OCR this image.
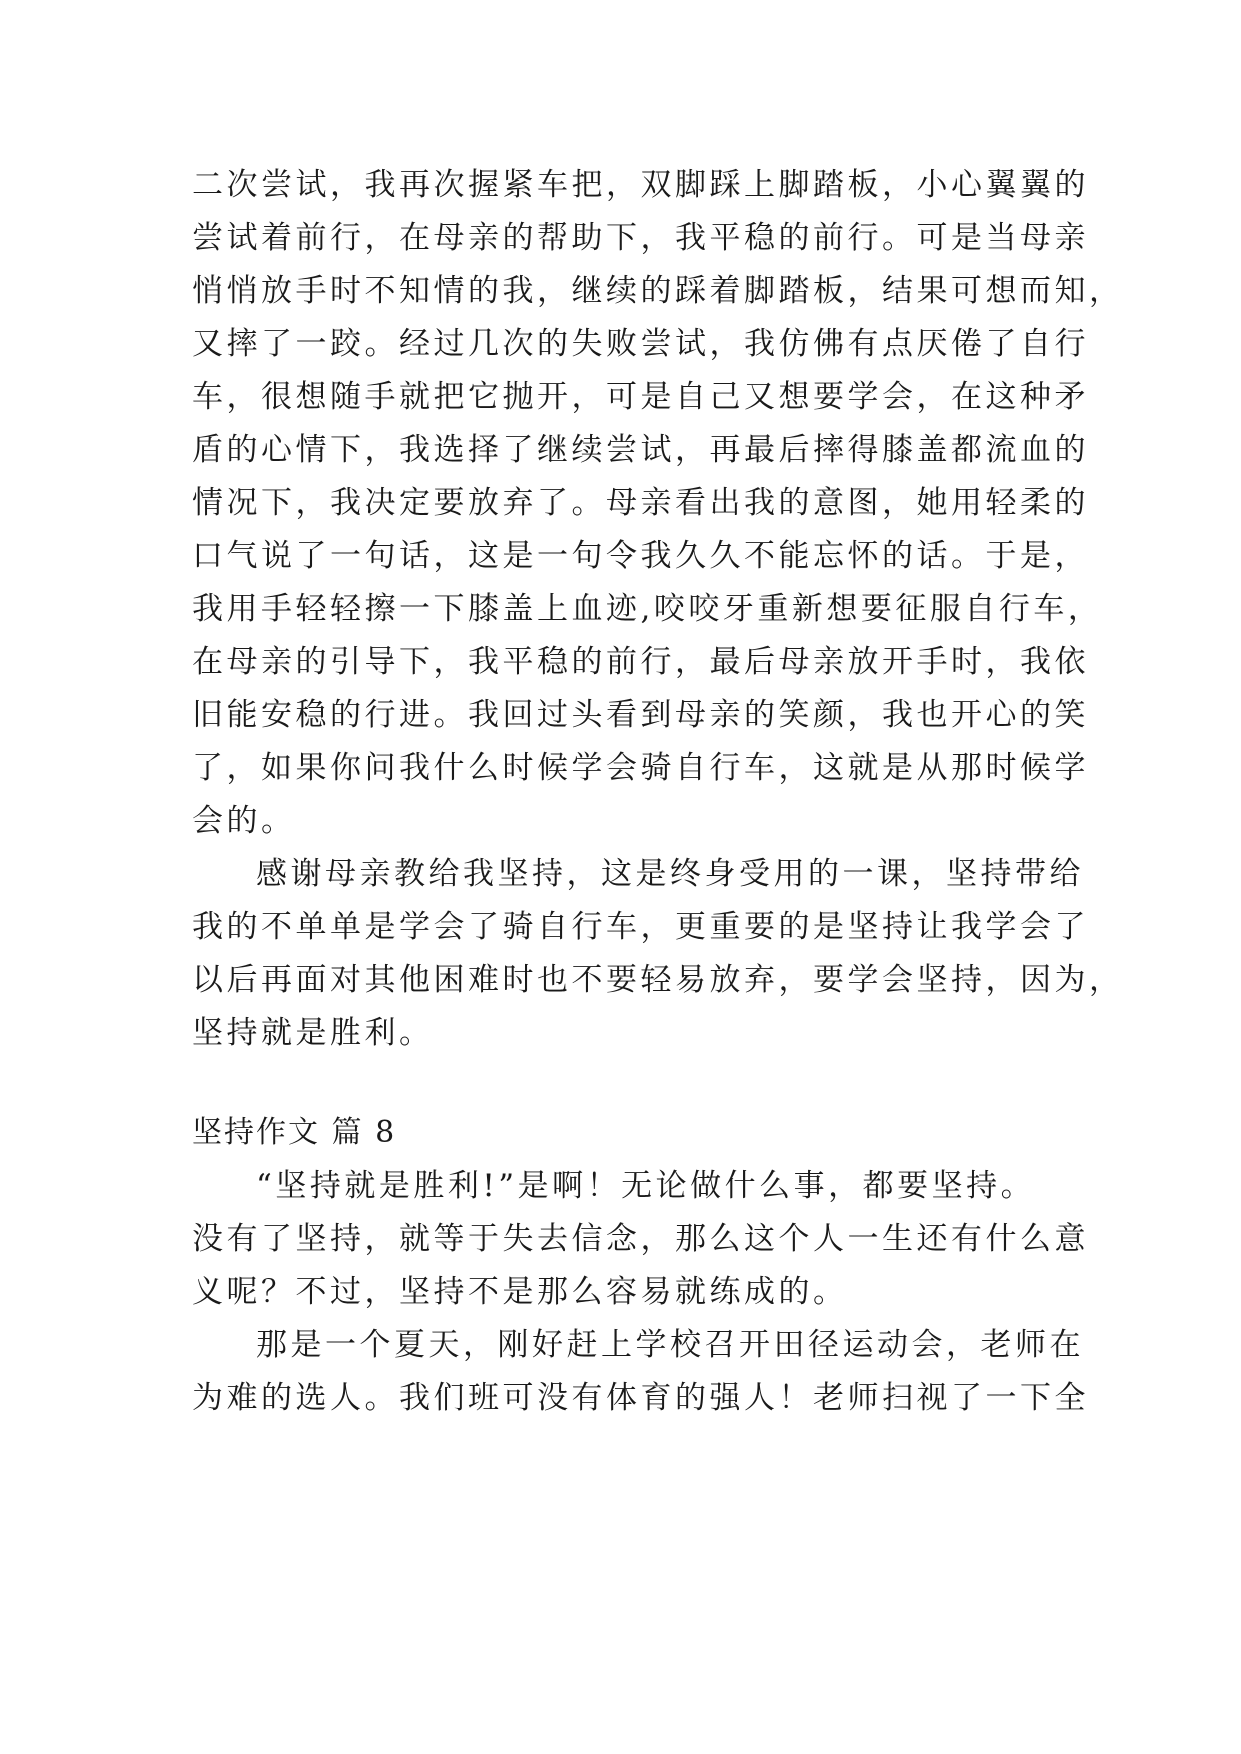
二次尝试，我再次握紧车把，双脚踩上脚踏板，小心翼翼的
尝试着前行，在母亲的帮助下，我平稳的前行。可是当母亲
悄悄放手时不知情的我，继续的踩着脚踏板，结果可想而知，
又摔了一跤。经过几次的失败尝试，我仿佛有点厌倦了自行
车，很想随手就把它抛开，可是自己又想要学会，在这种矛
盾的心情下，我选择了继续尝试，再最后摔得膝盖都流血的
情况下，我决定要放弃了。母亲看出我的意图，她用轻柔的
口气说了一句话，这是一句令我久久不能忘怀的话。于是，
我用手轻轻擦一下膝盖上血迹,咬咬牙重新想要征服自行车，
在母亲的引导下，我平稳的前行，最后母亲放开手时，我依
旧能安稳的行进。我回过头看到母亲的笑颜，我也开心的笑
了，如果你问我什么时候学会骑自行车，这就是从那时候学
会的。
感谢母亲教给我坚持，这是终身受用的一课，坚持带给
我的不单单是学会了骑自行车，更重要的是坚持让我学会了
以后再面对其他困难时也不要轻易放弃，要学会坚持，因为，
坚持就是胜利。
坚持作文 篇 8
“坚持就是胜利!”是啊！无论做什么事，都要坚持。
没有了坚持，就等于失去信念，那么这个人一生还有什么意
义呢？不过，坚持不是那么容易就练成的。
那是一个夏天，刚好赶上学校召开田径运动会，老师在
为难的选人。我们班可没有体育的强人！老师扫视了一下全
